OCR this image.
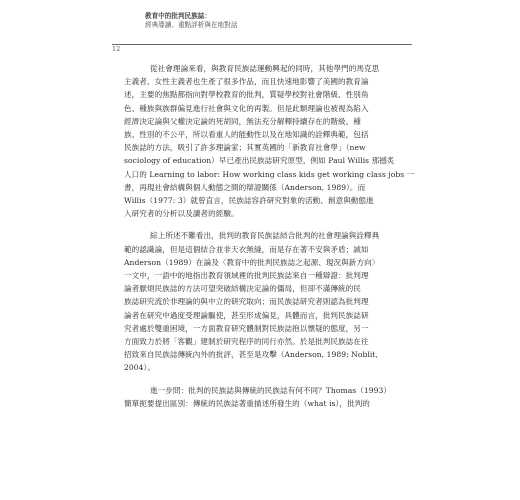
教育中的批判民族誌：
經典導讀、重點評析與在地對話
12

從社會理論來看，與教育民族誌運動興起的同時，其他學門的馬克思

主義者、女性主義者也生產了很多作品，而且快速地影響了美國的教育論

述，主要的焦點都指向對學校教育的批判，質疑學校對社會階級、性別角

色、種族與族群偏見進行社會與文化的再製。但是此類理論也被視為陷入

經濟決定論與父權決定論的死胡同，無法充分解釋持續存在的階級、種

族、性別的不公平，所以看重人的能動性以及在地知識的詮釋典範，包括

民族誌的方法，吸引了許多理論家；其實英國的「新教育社會學」（new

sociology of education）早已產出民族誌研究原型，例如 Paul Willis 那撼炙

人口的 Learning to labor: How working class kids get working class jobs 一

書，再現社會結構與個人動態之間的辯證關係（Anderson, 1989）。而

Willis（1977: 3）就曾直言，民族誌容許研究對象的活動、創意與動態進

入研究者的分析以及讀者的經驗。

綜上所述不難看出，批判的教育民族誌結合批判的社會理論與詮釋典

範的認識論，但是這個結合並非天衣無縫，而是存在著不安與矛盾；誠如

Anderson（1989）在論及〈教育中的批判民族誌之起源、現況與新方向〉

一文中，一語中的地指出教育領域裡的批判民族誌來自一種辯證：批判理

論者厭煩民族誌的方法可望突破結構決定論的僵局，但卻不滿傳統的民

族誌研究流於非理論的與中立的研究取向；而民族誌研究者則認為批判理

論者在研究中過度受理論驅使，甚至形成偏見，具體而言，批判民族誌研

究者處於雙重困境，一方面教育研究體制對民族誌抱以懷疑的態度，另一

方面致力於將「客觀」建制於研究程序的同行亦然。於是批判民族誌在往

招致來自民族誌傳統內外的批評，甚至是攻擊（Anderson, 1989; Noblit,

2004）。

進一步問：批判的民族誌與傳統的民族誌有何不同？Thomas（1993）

簡單扼要提出區別：傳統的民族誌著重描述所發生的（what is），批判的
